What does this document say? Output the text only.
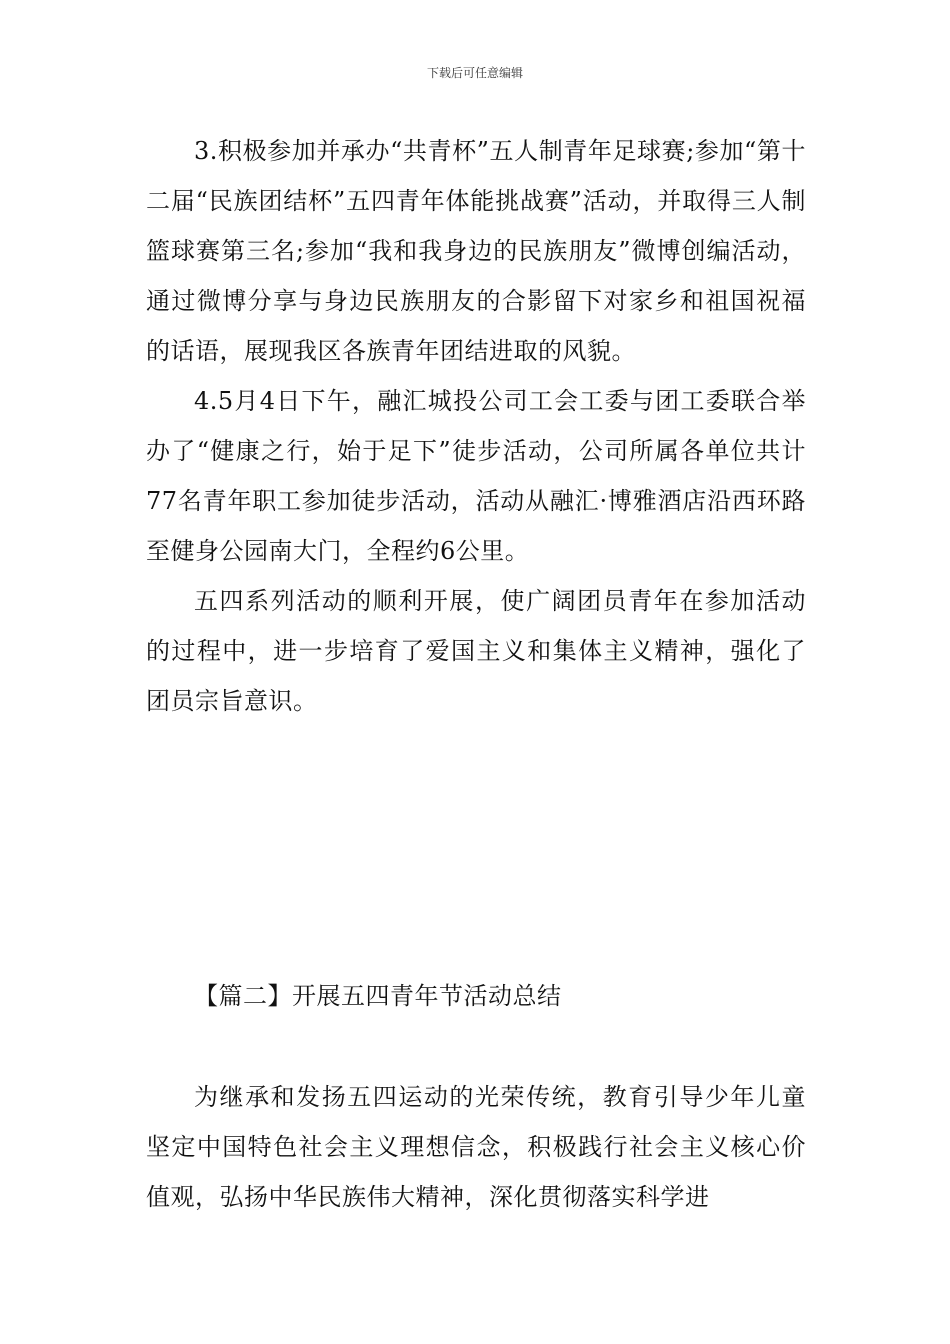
下载后可任意编辑

3.积极参加并承办“共青杯”五人制青年足球赛;参加“第十二届“民族团结杯”五四青年体能挑战赛”活动，并取得三人制篮球赛第三名;参加“我和我身边的民族朋友”微博创编活动，通过微博分享与身边民族朋友的合影留下对家乡和祖国祝福的话语，展现我区各族青年团结进取的风貌。

4.5月4日下午，融汇城投公司工会工委与团工委联合举办了“健康之行，始于足下”徒步活动，公司所属各单位共计77名青年职工参加徒步活动，活动从融汇·博雅酒店沿西环路至健身公园南大门，全程约6公里。

五四系列活动的顺利开展，使广阔团员青年在参加活动的过程中，进一步培育了爱国主义和集体主义精神，强化了团员宗旨意识。

【篇二】开展五四青年节活动总结

为继承和发扬五四运动的光荣传统，教育引导少年儿童坚定中国特色社会主义理想信念，积极践行社会主义核心价值观，弘扬中华民族伟大精神，深化贯彻落实科学进
